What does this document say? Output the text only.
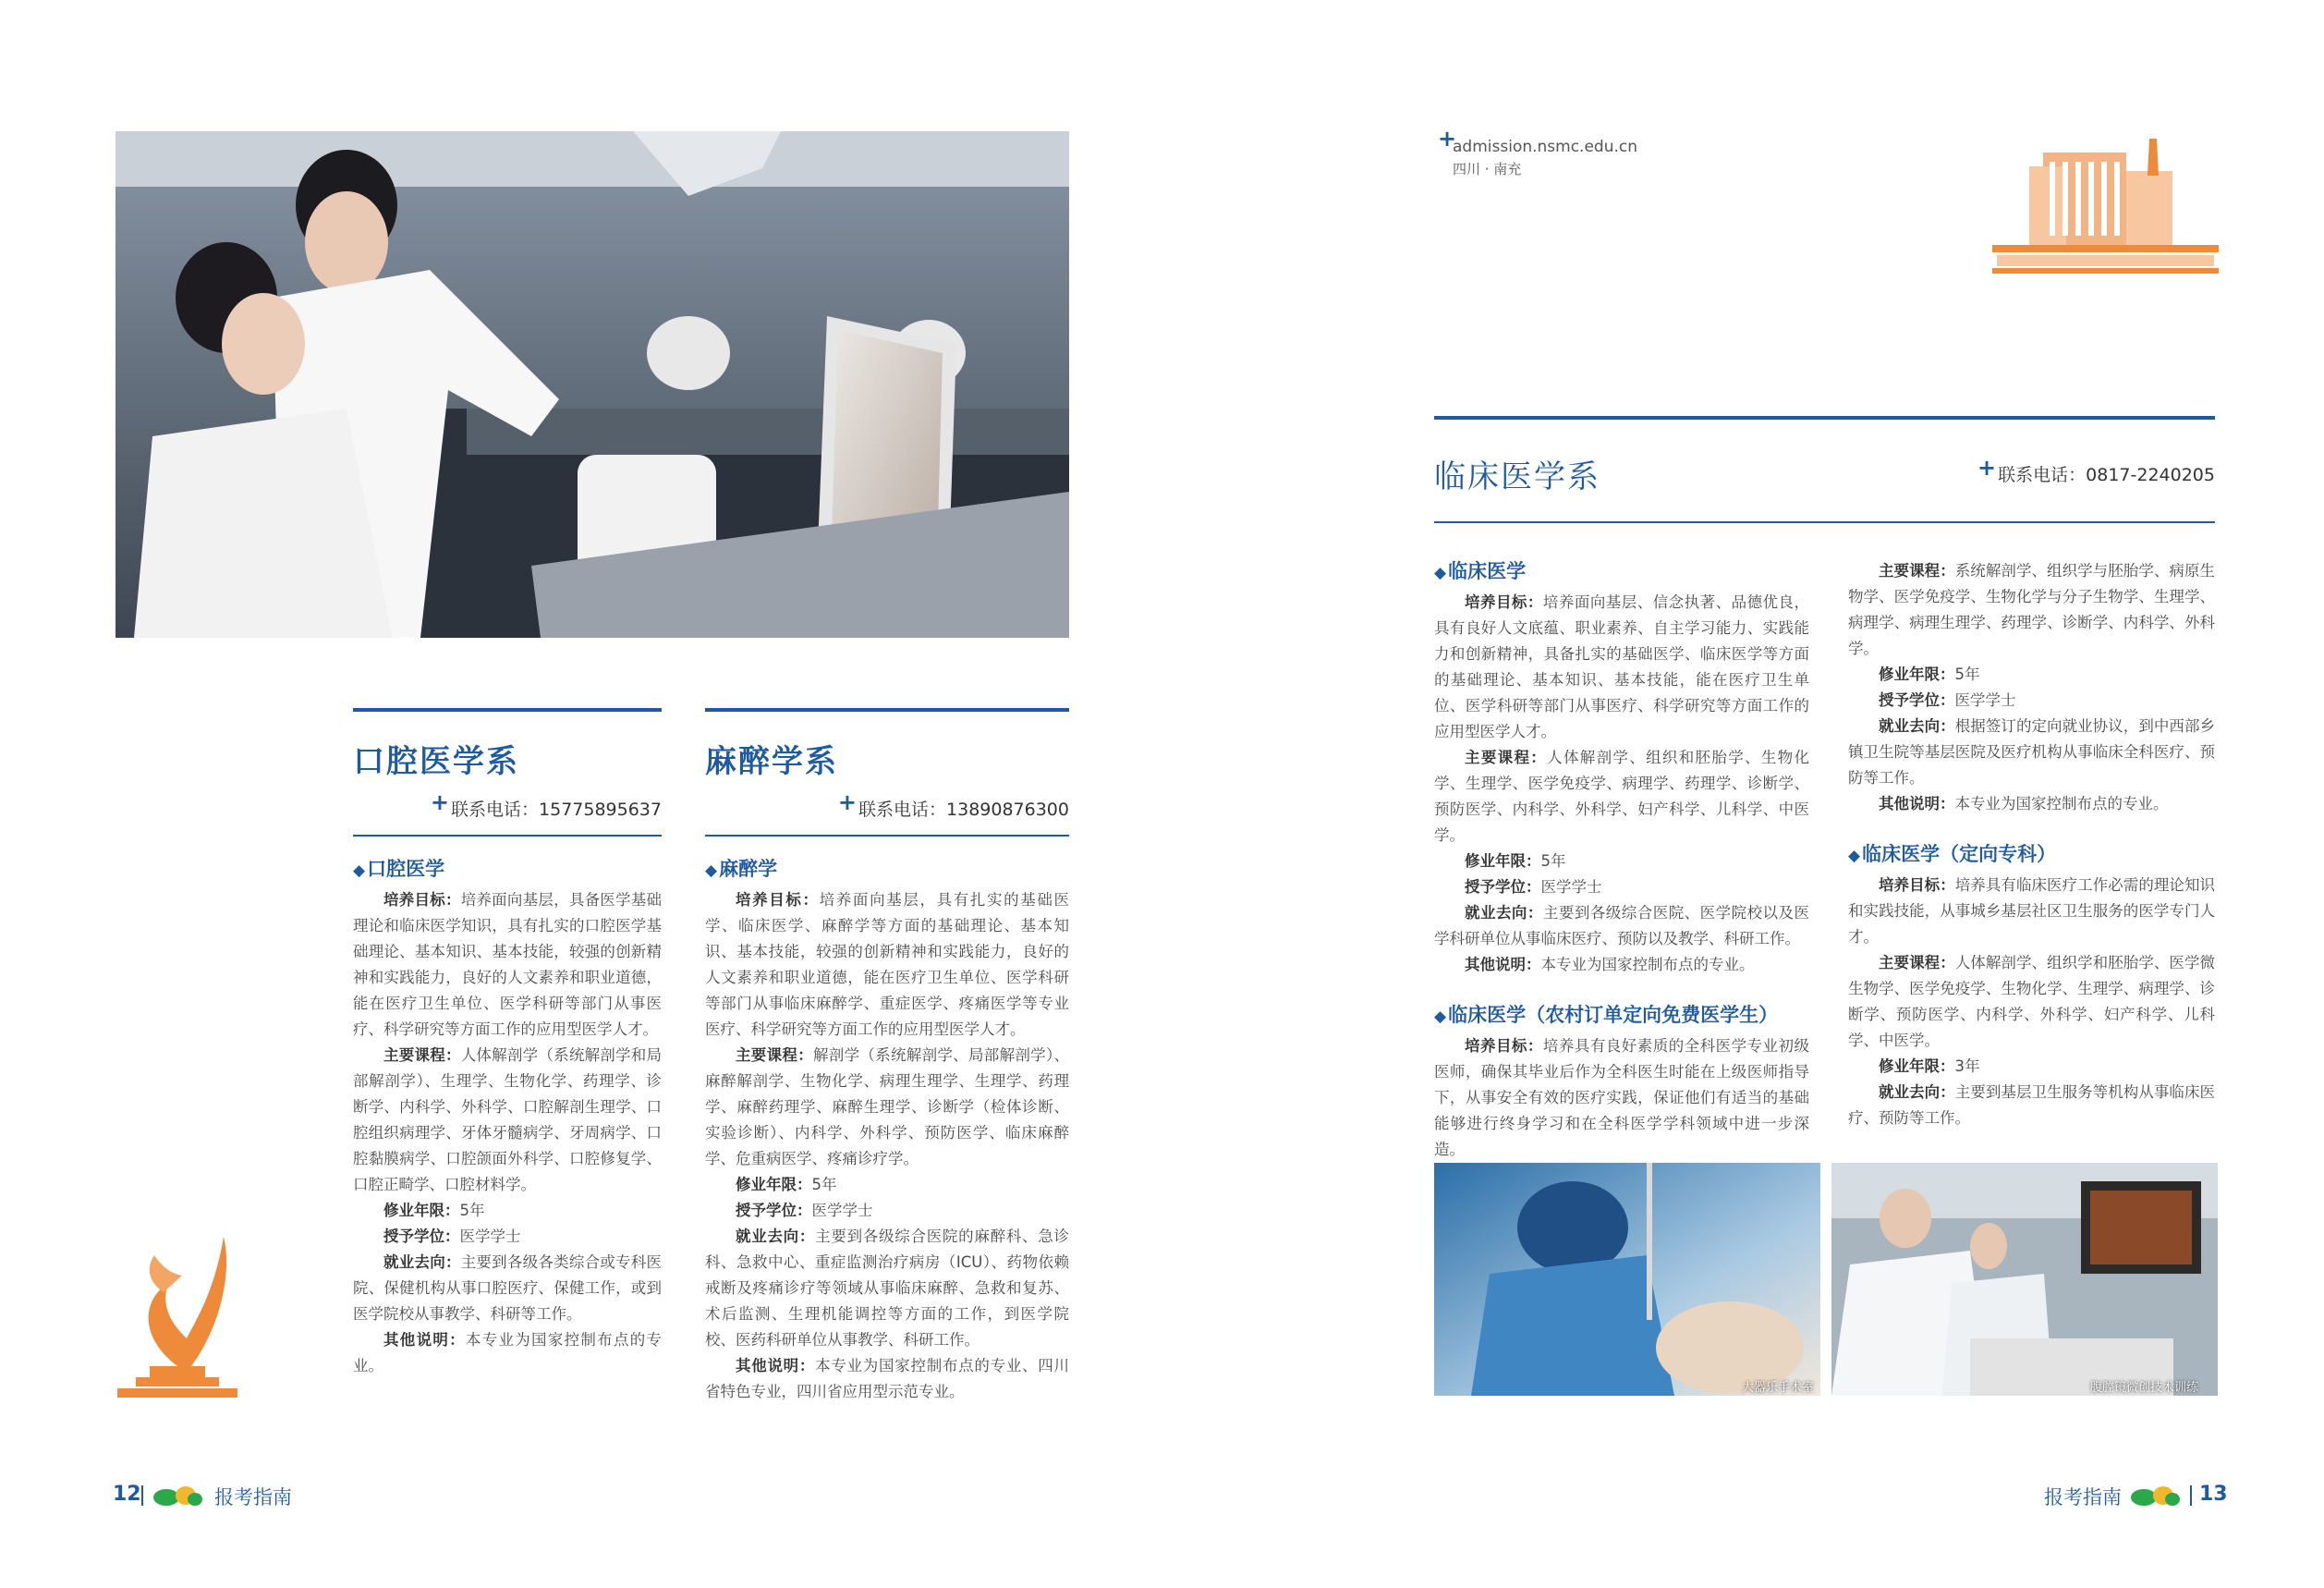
口腔医学系
+ 联系电话：15775895637
◆口腔医学

培养目标：培养面向基层，具备医学基础理论和临床医学知识，具有扎实的口腔医学基础理论、基本知识、基本技能，较强的创新精神和实践能力，良好的人文素养和职业道德，能在医疗卫生单位、医学科研等部门从事医疗、科学研究等方面工作的应用型医学人才。

主要课程：人体解剖学（系统解剖学和局部解剖学）、生理学、生物化学、药理学、诊断学、内科学、外科学、口腔解剖生理学、口腔组织病理学、牙体牙髓病学、牙周病学、口腔黏膜病学、口腔颌面外科学、口腔修复学、口腔正畸学、口腔材料学。

修业年限：5年

授予学位：医学学士

就业去向：主要到各级各类综合或专科医院、保健机构从事口腔医疗、保健工作，或到医学院校从事教学、科研等工作。

其他说明：本专业为国家控制布点的专业。

麻醉学系
+ 联系电话：13890876300
◆麻醉学

培养目标：培养面向基层，具有扎实的基础医学、临床医学、麻醉学等方面的基础理论、基本知识、基本技能，较强的创新精神和实践能力，良好的人文素养和职业道德，能在医疗卫生单位、医学科研等部门从事临床麻醉学、重症医学、疼痛医学等专业医疗、科学研究等方面工作的应用型医学人才。

主要课程：解剖学（系统解剖学、局部解剖学）、麻醉解剖学、生物化学、病理生理学、生理学、药理学、麻醉药理学、麻醉生理学、诊断学（检体诊断、实验诊断）、内科学、外科学、预防医学、临床麻醉学、危重病医学、疼痛诊疗学。

修业年限：5年

授予学位：医学学士

就业去向：主要到各级综合医院的麻醉科、急诊科、急救中心、重症监测治疗病房（ICU）、药物依赖戒断及疼痛诊疗等领域从事临床麻醉、急救和复苏、术后监测、生理机能调控等方面的工作，到医学院校、医药科研单位从事教学、科研工作。

其他说明：本专业为国家控制布点的专业、四川省特色专业，四川省应用型示范专业。

12	报考指南
+
admission.nsmc.edu.cn
四川 · 南充
临床医学系	+ 联系电话：0817-2240205
◆临床医学

培养目标：培养面向基层、信念执著、品德优良，具有良好人文底蕴、职业素养、自主学习能力、实践能力和创新精神，具备扎实的基础医学、临床医学等方面的基础理论、基本知识、基本技能，能在医疗卫生单位、医学科研等部门从事医疗、科学研究等方面工作的应用型医学人才。

主要课程：人体解剖学、组织和胚胎学、生物化学、生理学、医学免疫学、病理学、药理学、诊断学、预防医学、内科学、外科学、妇产科学、儿科学、中医学。

修业年限：5年

授予学位：医学学士

就业去向：主要到各级综合医院、医学院校以及医学科研单位从事临床医疗、预防以及教学、科研工作。

其他说明：本专业为国家控制布点的专业。

◆临床医学（农村订单定向免费医学生）

培养目标：培养具有良好素质的全科医学专业初级医师，确保其毕业后作为全科医生时能在上级医师指导下，从事安全有效的医疗实践，保证他们有适当的基础能够进行终身学习和在全科医学学科领域中进一步深造。

主要课程：系统解剖学、组织学与胚胎学、病原生物学、医学免疫学、生物化学与分子生物学、生理学、病理学、病理生理学、药理学、诊断学、内科学、外科学。

修业年限：5年

授予学位：医学学士

就业去向：根据签订的定向就业协议，到中西部乡镇卫生院等基层医院及医疗机构从事临床全科医疗、预防等工作。

其他说明：本专业为国家控制布点的专业。

◆临床医学（定向专科）

培养目标：培养具有临床医疗工作必需的理论知识和实践技能，从事城乡基层社区卫生服务的医学专门人才。

主要课程：人体解剖学、组织学和胚胎学、医学微生物学、医学免疫学、生物化学、生理学、病理学、诊断学、预防医学、内科学、外科学、妇产科学、儿科学、中医学。

修业年限：3年

就业去向：主要到基层卫生服务等机构从事临床医疗、预防等工作。

大器乐手术室	腹腔镜微创技术训练
报考指南	13
